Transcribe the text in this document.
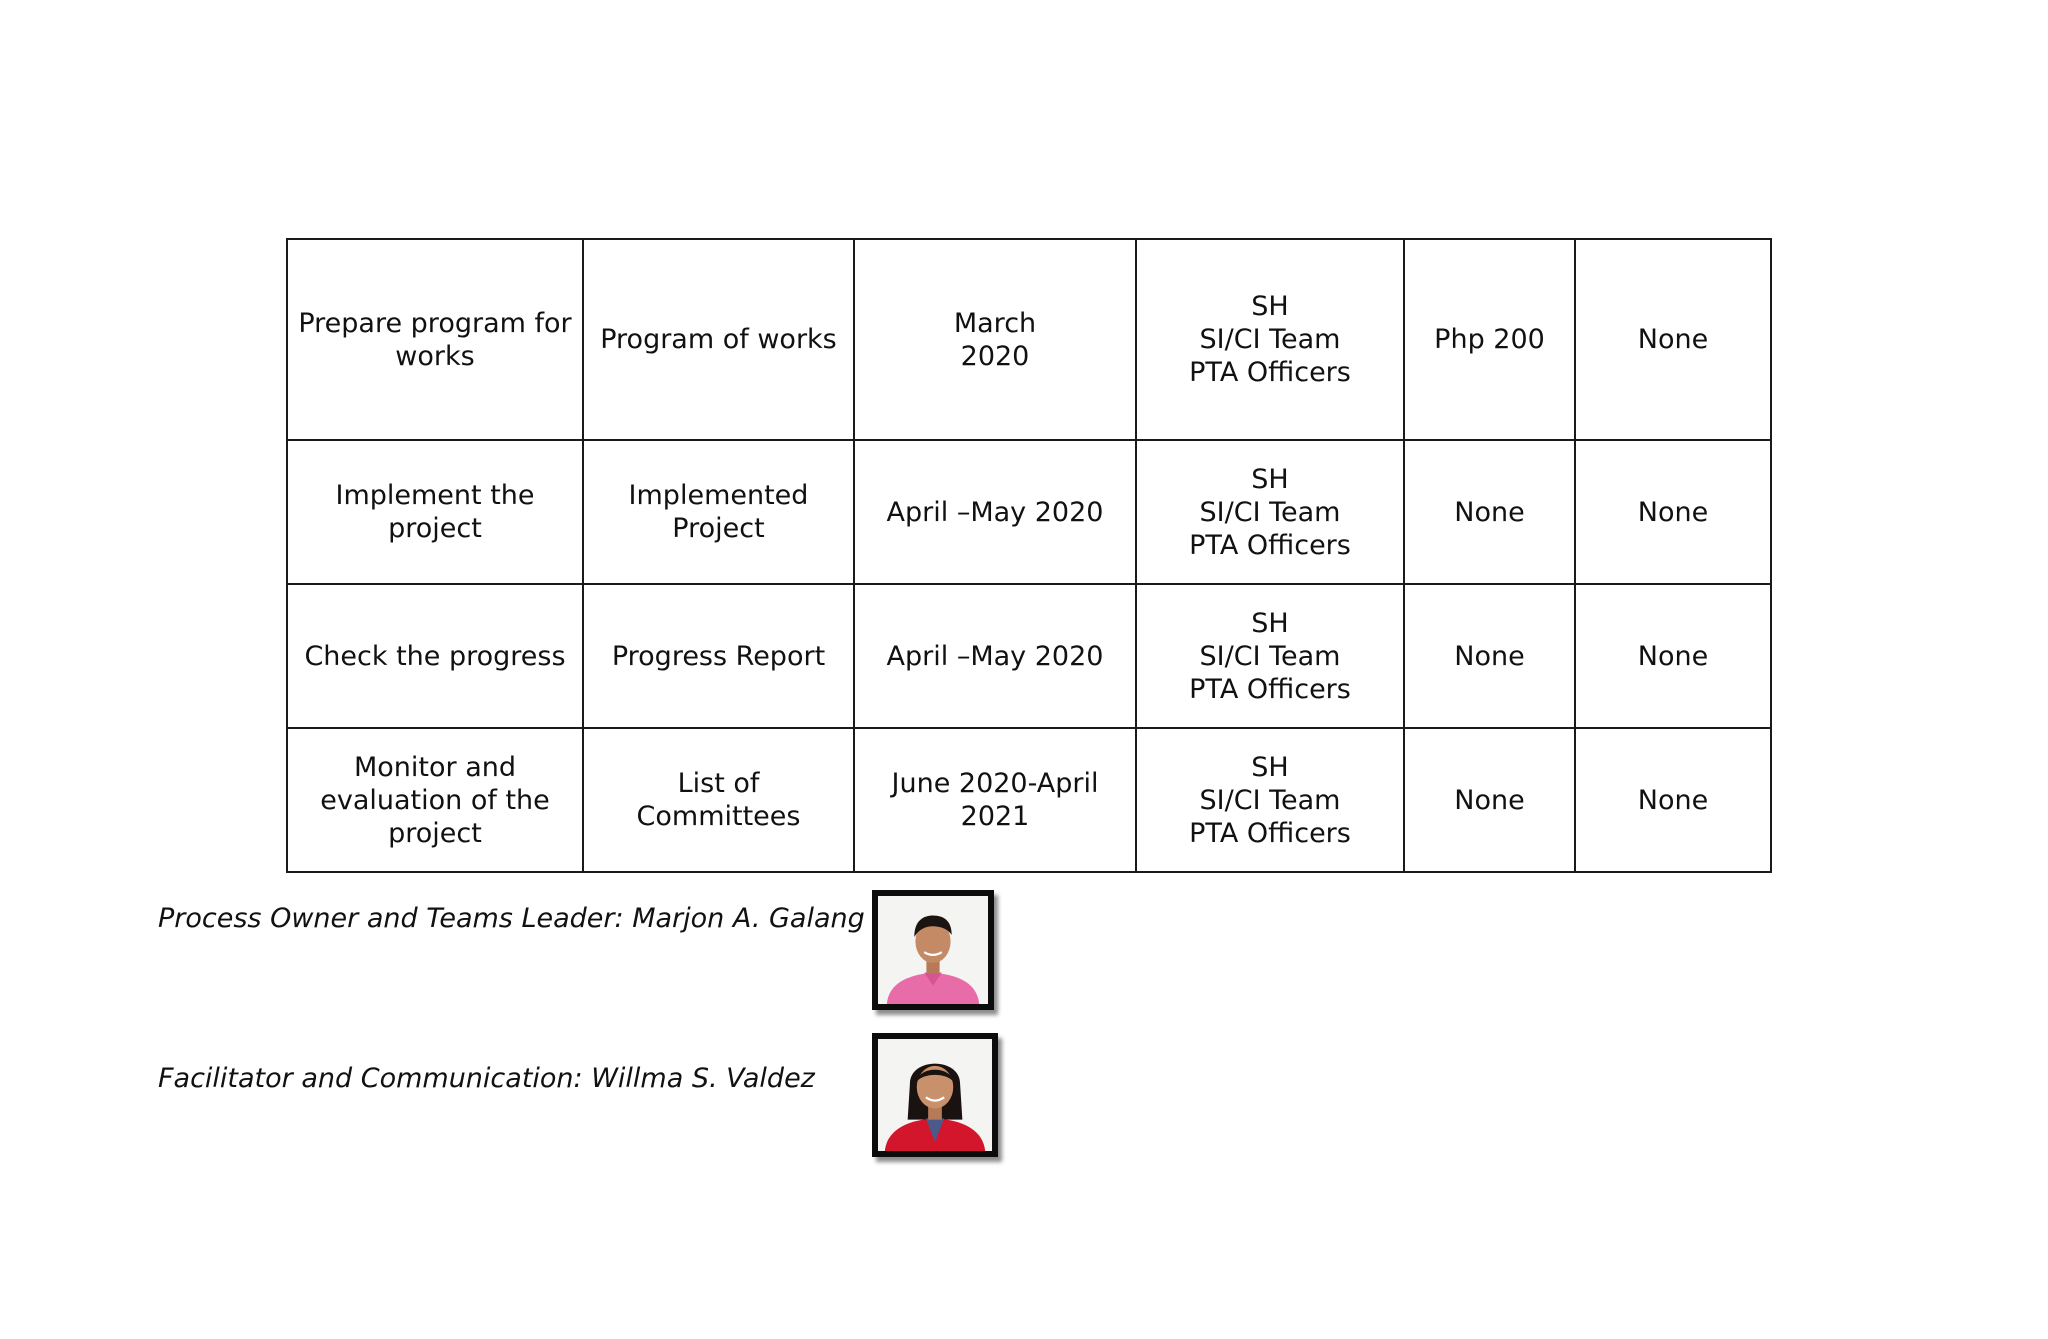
Prepare program for works	Program of works	March
2020	SH
SI/CI Team
PTA Officers	Php 200	None
Implement the project	Implemented Project	April –May 2020	SH
SI/CI Team
PTA Officers	None	None
Check the progress	Progress Report	April –May 2020	SH
SI/CI Team
PTA Officers	None	None
Monitor and evaluation of the project	List of Committees	June 2020-April 2021	SH
SI/CI Team
PTA Officers	None	None
Process Owner and Teams Leader: Marjon A. Galang
Facilitator and Communication: Willma S. Valdez
